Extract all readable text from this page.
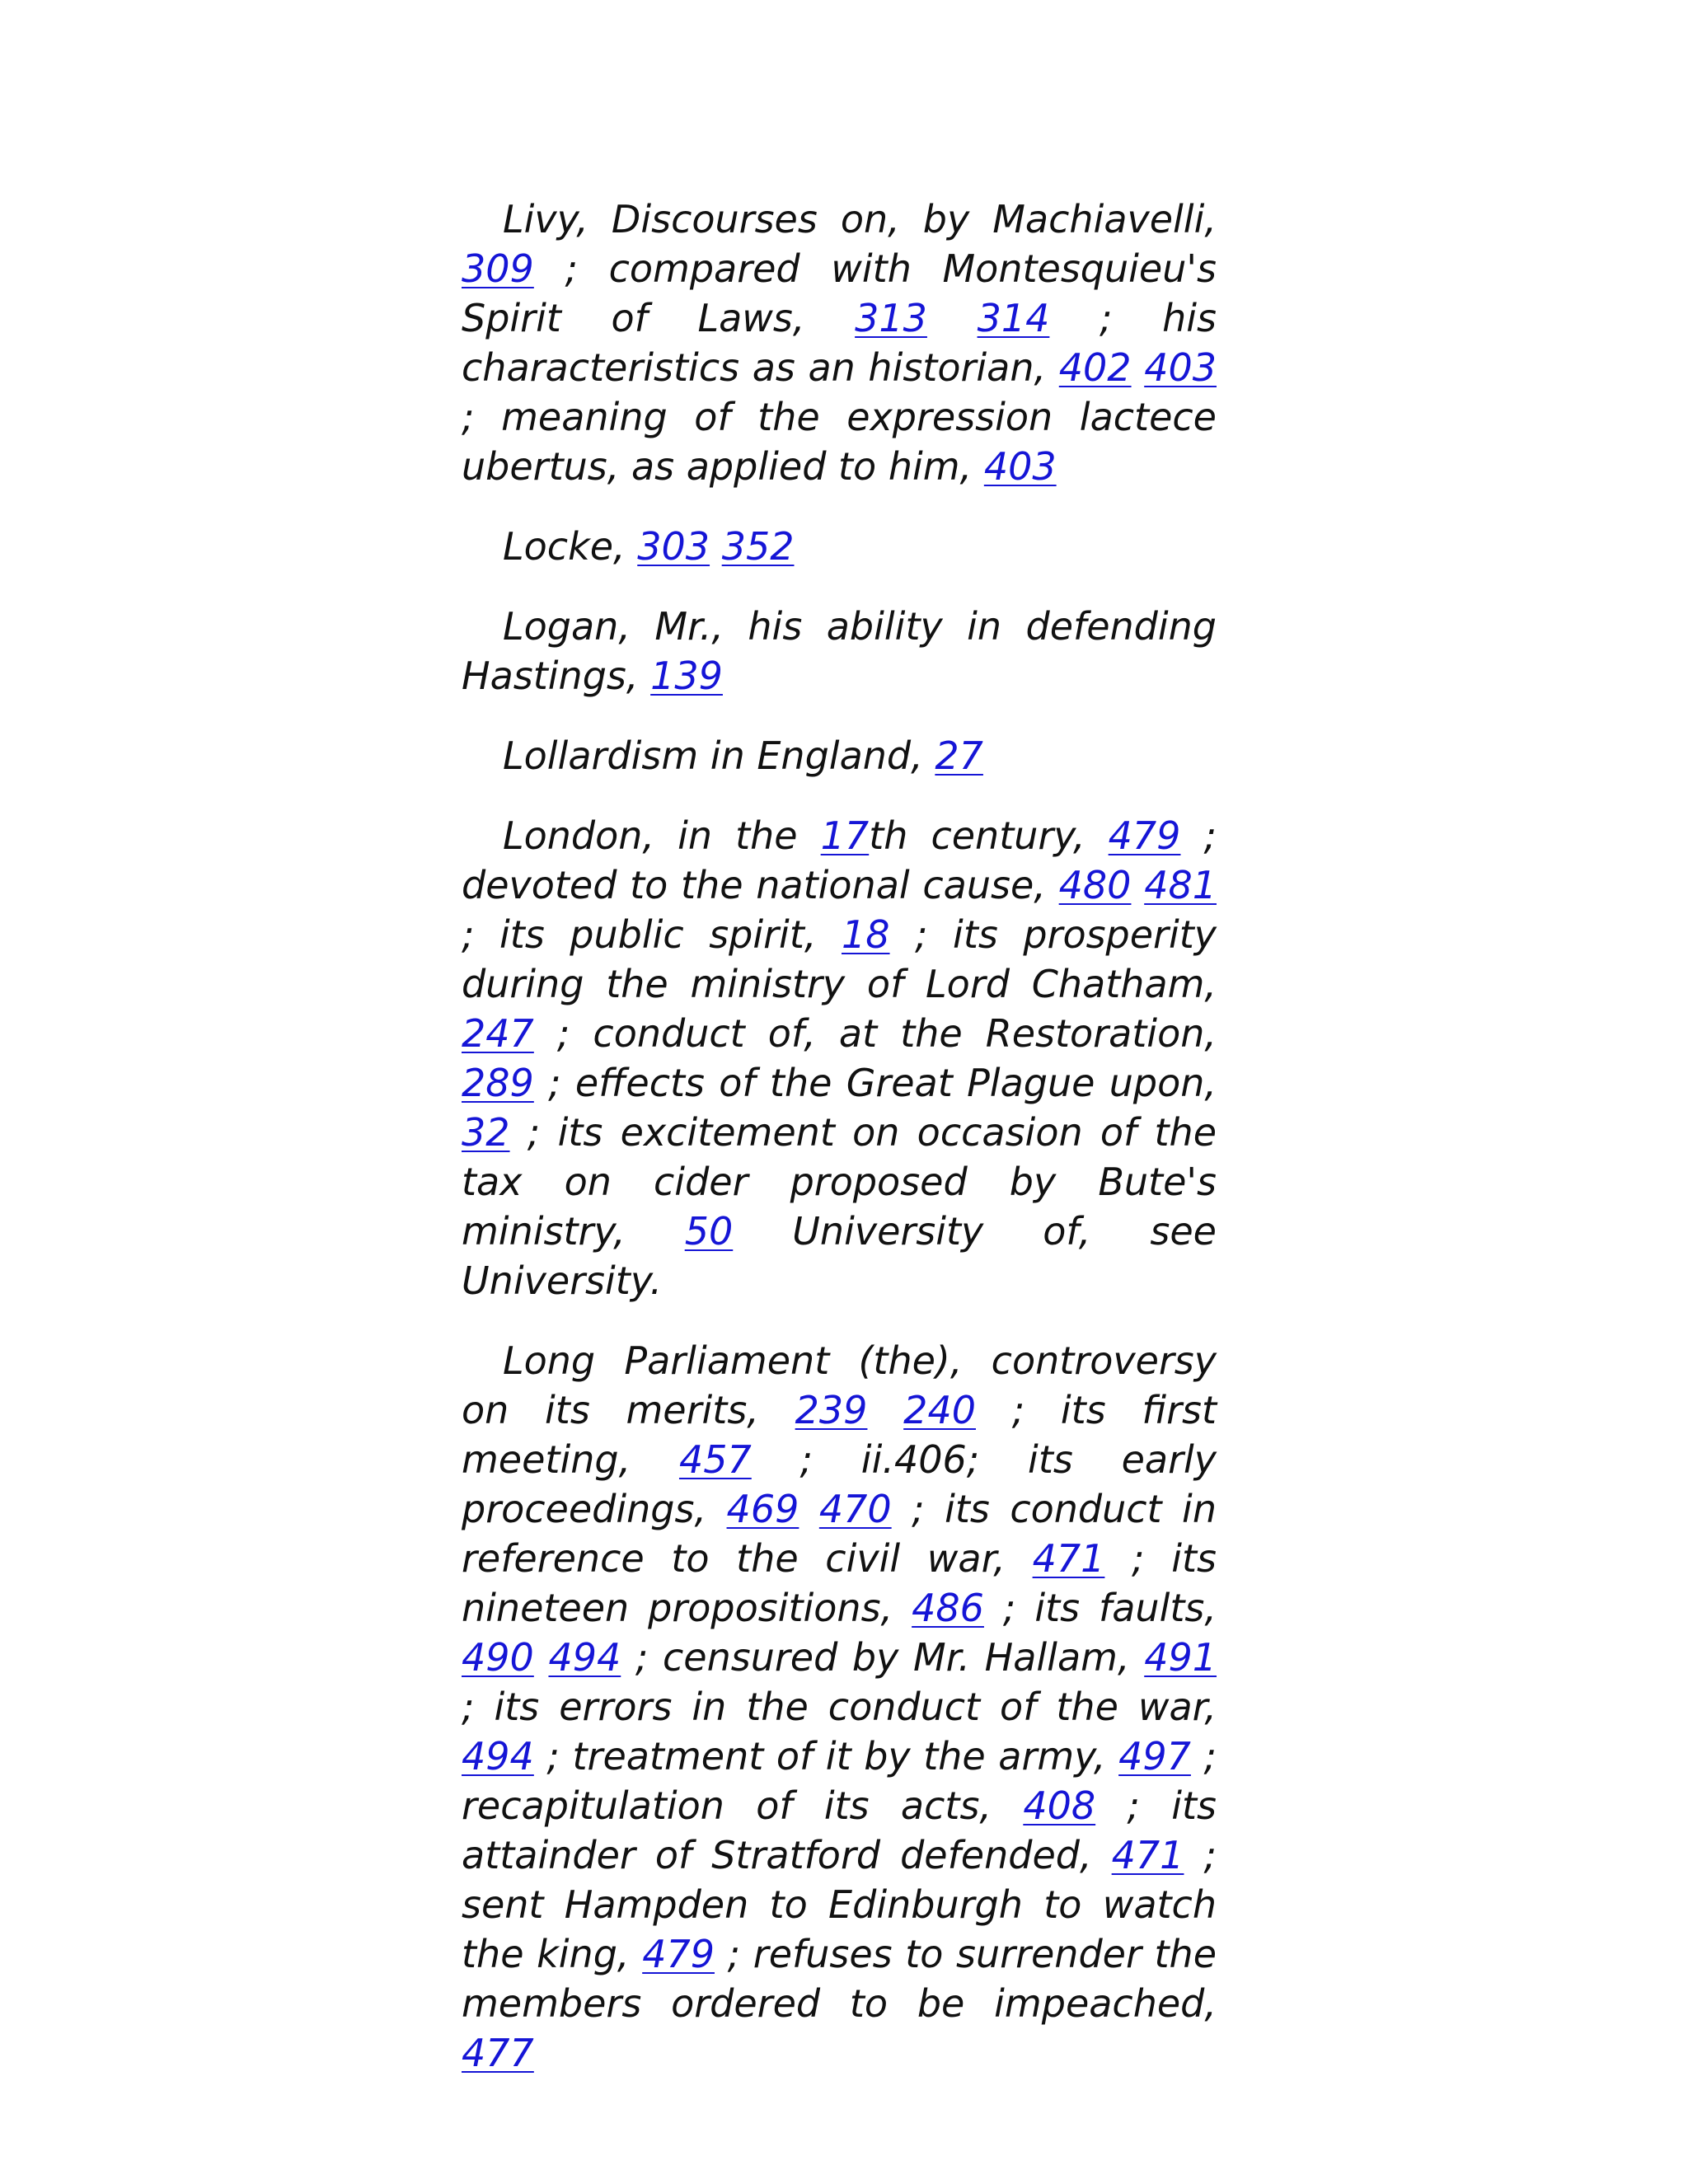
Livy, Discourses on, by Machiavelli, 309 ; compared with Montesquieu's Spirit of Laws, 313 314 ; his characteristics as an historian, 402 403 ; meaning of the expression lactece ubertus, as applied to him, 403

Locke, 303 352

Logan, Mr., his ability in defending Hastings, 139

Lollardism in England, 27

London, in the 17th century, 479 ; devoted to the national cause, 480 481 ; its public spirit, 18 ; its prosperity during the ministry of Lord Chatham, 247 ; conduct of, at the Restoration, 289 ; effects of the Great Plague upon, 32 ; its excitement on occasion of the tax on cider proposed by Bute's ministry, 50 University of, see University.

Long Parliament (the), controversy on its merits, 239 240 ; its first meeting, 457 ; ii.406; its early proceedings, 469 470 ; its conduct in reference to the civil war, 471 ; its nineteen propositions, 486 ; its faults, 490 494 ; censured by Mr. Hallam, 491 ; its errors in the conduct of the war, 494 ; treatment of it by the army, 497 ; recapitulation of its acts, 408 ; its attainder of Stratford defended, 471 ; sent Hampden to Edinburgh to watch the king, 479 ; refuses to surrender the members ordered to be impeached, 477
